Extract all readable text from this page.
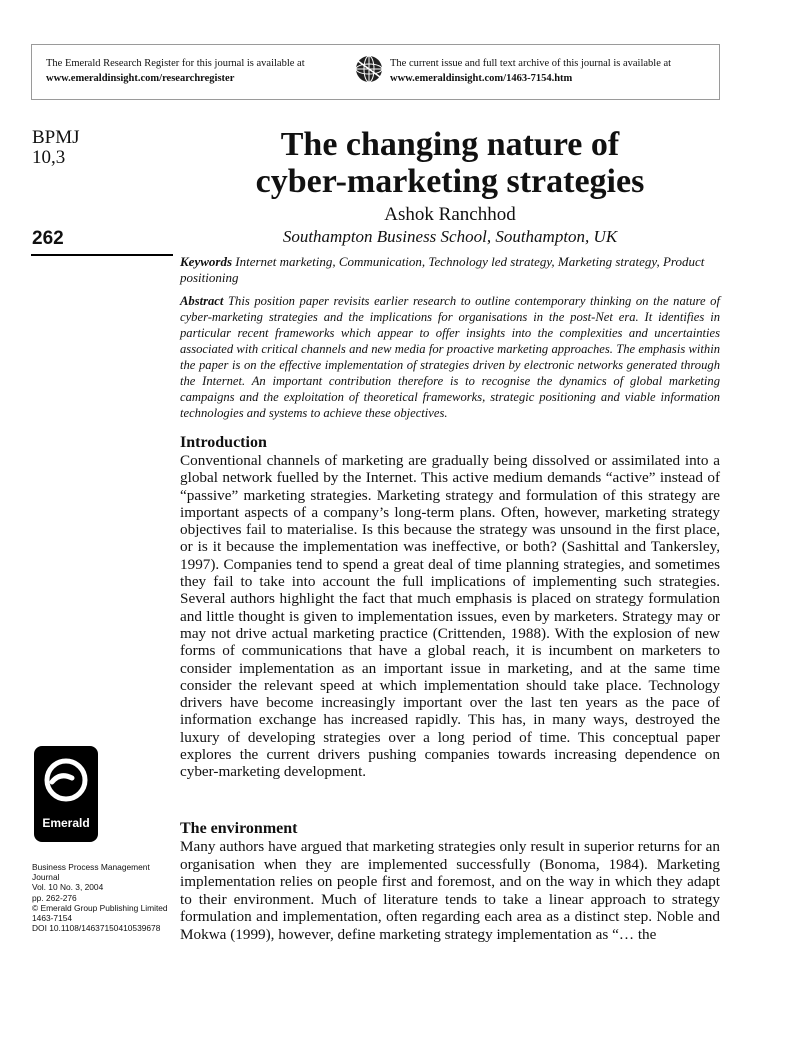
The Emerald Research Register for this journal is available at
www.emeraldinsight.com/researchregister
The current issue and full text archive of this journal is available at
www.emeraldinsight.com/1463-7154.htm
BPMJ
10,3
262
The changing nature of
cyber-marketing strategies
Ashok Ranchhod
Southampton Business School, Southampton, UK
Keywords Internet marketing, Communication, Technology led strategy, Marketing strategy, Product positioning
Abstract This position paper revisits earlier research to outline contemporary thinking on the nature of cyber-marketing strategies and the implications for organisations in the post-Net era. It identifies in particular recent frameworks which appear to offer insights into the complexities and uncertainties associated with critical channels and new media for proactive marketing approaches. The emphasis within the paper is on the effective implementation of strategies driven by electronic networks generated through the Internet. An important contribution therefore is to recognise the dynamics of global marketing campaigns and the exploitation of theoretical frameworks, strategic positioning and viable information technologies and systems to achieve these objectives.
Introduction

Conventional channels of marketing are gradually being dissolved or assimilated into a global network fuelled by the Internet. This active medium demands “active” instead of “passive” marketing strategies. Marketing strategy and formulation of this strategy are important aspects of a company’s long-term plans. Often, however, marketing strategy objectives fail to materialise. Is this because the strategy was unsound in the first place, or is it because the implementation was ineffective, or both? (Sashittal and Tankersley, 1997). Companies tend to spend a great deal of time planning strategies, and sometimes they fail to take into account the full implications of implementing such strategies. Several authors highlight the fact that much emphasis is placed on strategy formulation and little thought is given to implementation issues, even by marketers. Strategy may or may not drive actual marketing practice (Crittenden, 1988). With the explosion of new forms of communications that have a global reach, it is incumbent on marketers to consider implementation as an important issue in marketing, and at the same time consider the relevant speed at which implementation should take place. Technology drivers have become increasingly important over the last ten years as the pace of information exchange has increased rapidly. This has, in many ways, destroyed the luxury of developing strategies over a long period of time. This conceptual paper explores the current drivers pushing companies towards increasing dependence on cyber-marketing development.

The environment

Many authors have argued that marketing strategies only result in superior returns for an organisation when they are implemented successfully (Bonoma, 1984). Marketing implementation relies on people first and foremost, and on the way in which they adapt to their environment. Much of literature tends to take a linear approach to strategy formulation and implementation, often regarding each area as a distinct step. Noble and Mokwa (1999), however, define marketing strategy implementation as “… the

Emerald
Business Process Management Journal
Vol. 10 No. 3, 2004
pp. 262-276
© Emerald Group Publishing Limited
1463-7154
DOI 10.1108/14637150410539678
